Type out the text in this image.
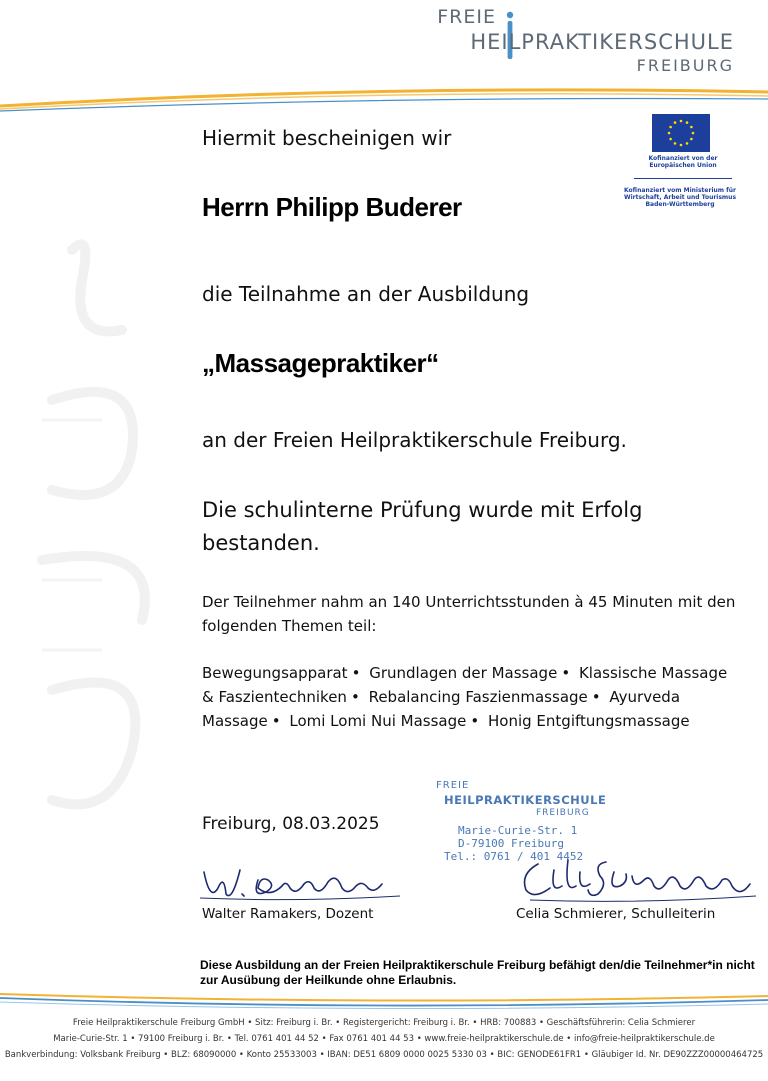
FREIE
HEILPRAKTIKERSCHULE
FREIBURG
Kofinanziert von der Europäischen Union
Kofinanziert vom Ministerium für Wirtschaft, Arbeit und Tourismus Baden-Württemberg
Hiermit bescheinigen wir
Herrn Philipp Buderer
die Teilnahme an der Ausbildung
„Massagepraktiker“
an der Freien Heilpraktikerschule Freiburg.
Die schulinterne Prüfung wurde mit Erfolg bestanden.
Der Teilnehmer nahm an 140 Unterrichtsstunden à 45 Minuten mit den folgenden Themen teil:
Bewegungsapparat • Grundlagen der Massage • Klassische Massage & Faszientechniken • Rebalancing Faszienmassage • Ayurveda Massage • Lomi Lomi Nui Massage • Honig Entgiftungsmassage
Freiburg, 08.03.2025
FREIE
HEILPRAKTIKERSCHULE
FREIBURG
Marie-Curie-Str. 1
D-79100 Freiburg
Tel.: 0761 / 401 4452
Walter Ramakers, Dozent	Celia Schmierer, Schulleiterin
Diese Ausbildung an der Freien Heilpraktikerschule Freiburg befähigt den/die Teilnehmer*in nicht zur Ausübung der Heilkunde ohne Erlaubnis.
Freie Heilpraktikerschule Freiburg GmbH • Sitz: Freiburg i. Br. • Registergericht: Freiburg i. Br. • HRB: 700883 • Geschäftsführerin: Celia Schmierer
Marie-Curie-Str. 1 • 79100 Freiburg i. Br. • Tel. 0761 401 44 52 • Fax 0761 401 44 53 • www.freie-heilpraktikerschule.de • info@freie-heilpraktikerschule.de
Bankverbindung: Volksbank Freiburg • BLZ: 68090000 • Konto 25533003 • IBAN: DE51 6809 0000 0025 5330 03 • BIC: GENODE61FR1 • Gläubiger Id. Nr. DE90ZZZ00000464725
